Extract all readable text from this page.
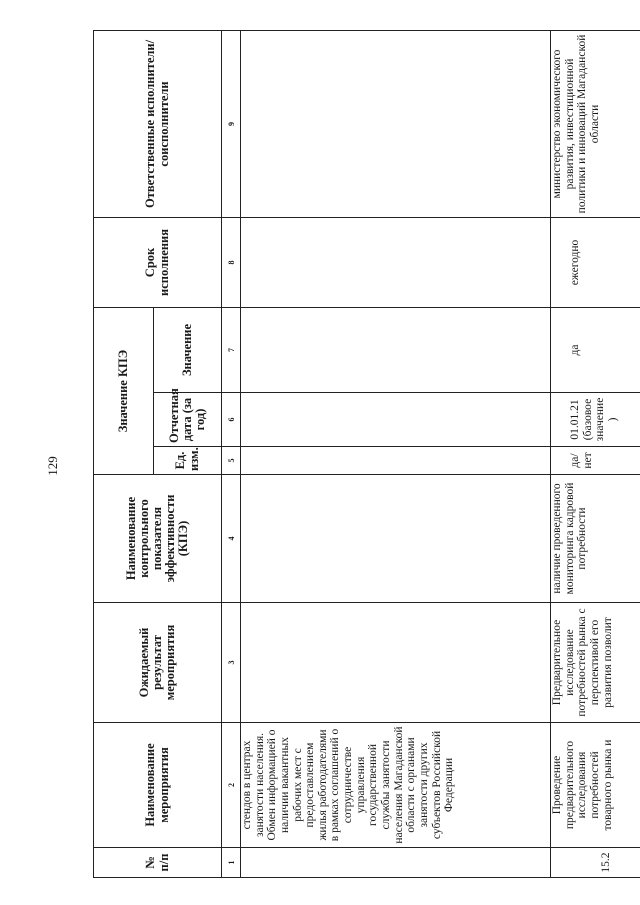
129
№ п/п	Наименование мероприятия	Ожидаемый результат мероприятия	Наименование контрольного показателя эффективности (КПЭ)	Значение КПЭ			Срок исполнения	Ответственные исполнители/ соисполнители
				Ед. изм.	Отчетная дата (за год)	Значение		
1	2	3	4	5	6	7	8	9
	стендов в центрах занятости населения. Обмен информацией о наличии вакантных рабочих мест с предоставлением жилья работодателями в рамках соглашений о сотрудничестве управления государственной службы занятости населения Магаданской области с органами занятости других субъектов Российской Федерации							
15.2	Проведение предварительного исследования потребностей товарного рынка и	Предварительное исследование потребностей рынка с перспективой его развития позволит	наличие проведенного мониторинга кадровой потребности	да/ нет	01.01.21 (базовое значение )	да	ежегодно	министерство экономического развития, инвестиционной политики и инноваций Магаданской области
